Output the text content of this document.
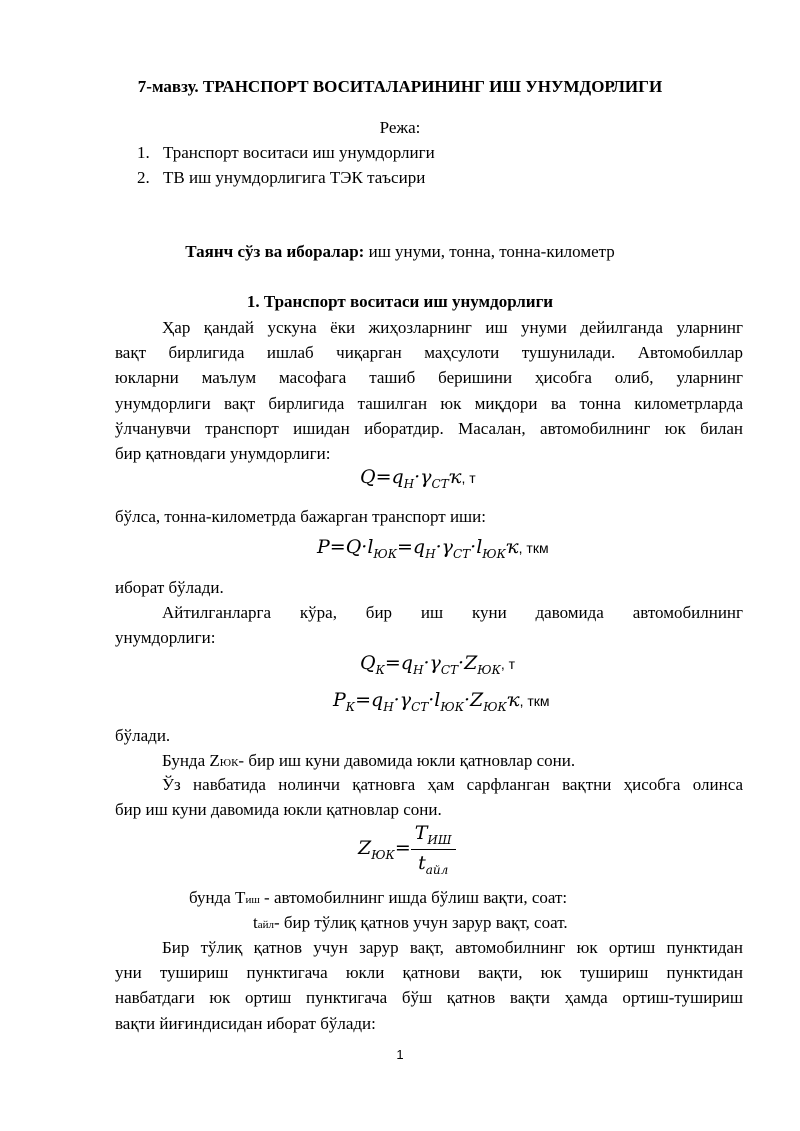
7-мавзу. ТРАНСПОРТ ВОСИТАЛАРИНИНГ ИШ УНУМДОРЛИГИ
Режа:
1. Транспорт воситаси иш унумдорлиги
2. ТВ иш унумдорлигига ТЭК таъсири
Таянч сўз ва иборалар: иш унуми, тонна, тонна-километр
1. Транспорт воситаси иш унумдорлиги
Ҳар қандай ускуна ёки жиҳозларнинг иш унуми дейилганда уларнинг
вақт бирлигида ишлаб чиқарган маҳсулоти тушунилади. Автомобиллар
юкларни маълум масофага ташиб беришини ҳисобга олиб, уларнинг
унумдорлиги вақт бирлигида ташилган юк миқдори ва тонна километрларда
ўлчанувчи транспорт ишидан иборатдир. Масалан, автомобилнинг юк билан
бир қатновдаги унумдорлиги:
$Q=q_Н\cdot\gamma_{СТ}ҡ$, т
бўлса, тонна-километрда бажарган транспорт иши:
$P=Q\cdot l_{ЮК}=q_Н\cdot\gamma_{СТ}\cdot l_{ЮК}ҡ$, ткм
иборат бўлади.
Айтилганларга кўра, бир иш куни давомида автомобилнинг
унумдорлиги:
$Q_К=q_Н\cdot\gamma_{СТ}\cdot Z_{ЮК}$, т
$P_К=q_Н\cdot\gamma_{СТ}\cdot l_{ЮК}\cdot Z_{ЮК}ҡ$, ткм
бўлади.
Бунда ZЮК- бир иш куни давомида юкли қатновлар сони.
Ўз навбатида нолинчи қатновга ҳам сарфланган вақтни ҳисобга олинса
бир иш куни давомида юкли қатновлар сони.
$Z_{ЮК}= \frac{T_{ИШ}}{t_{айл}}$
бунда Tиш - автомобилнинг ишда бўлиш вақти, соат:
tайл- бир тўлиқ қатнов учун зарур вақт, соат.
Бир тўлиқ қатнов учун зарур вақт, автомобилнинг юк ортиш пунктидан
уни тушириш пунктигача юкли қатнови вақти, юк тушириш пунктидан
навбатдаги юк ортиш пунктигача бўш қатнов вақти ҳамда ортиш-тушириш
вақти йиғиндисидан иборат бўлади:
1
